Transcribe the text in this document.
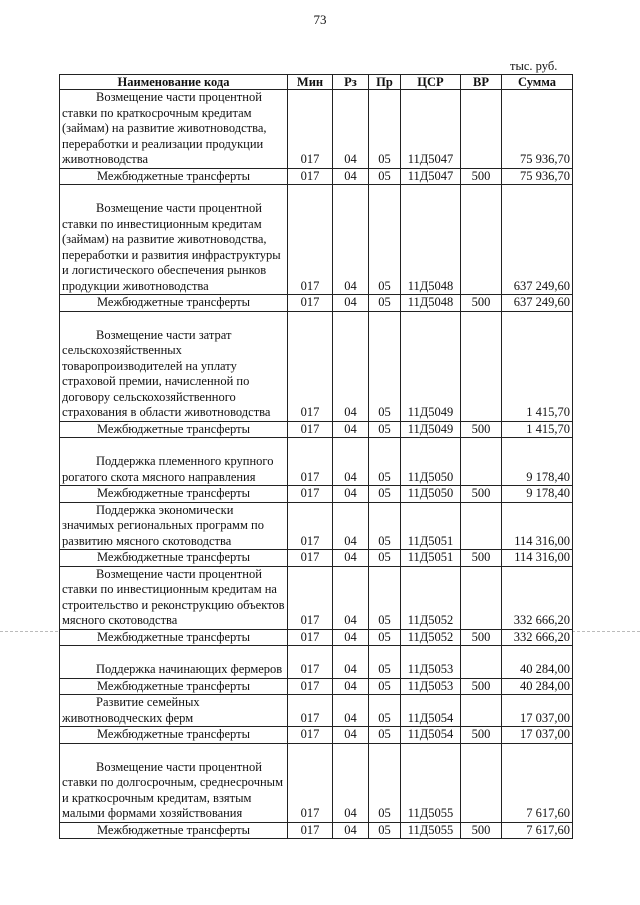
73
тыс. руб.
Наименование кода	Мин	Рз	Пр	ЦСР	ВР	Сумма
Возмещение части процентной ставки по краткосрочным кредитам (займам) на развитие животноводства, переработки и реализации продукции животноводства	017	04	05	11Д5047		75 936,70
Межбюджетные трансферты	017	04	05	11Д5047	500	75 936,70
Возмещение части процентной ставки по инвестиционным кредитам (займам) на развитие животноводства, переработки и развития инфраструктуры и логистического обеспечения рынков продукции животноводства	017	04	05	11Д5048		637 249,60
Межбюджетные трансферты	017	04	05	11Д5048	500	637 249,60
Возмещение части затрат сельскохозяйственных товаропроизводителей на уплату страховой премии, начисленной по договору сельскохозяйственного страхования в области животноводства	017	04	05	11Д5049		1 415,70
Межбюджетные трансферты	017	04	05	11Д5049	500	1 415,70
Поддержка племенного крупного рогатого скота мясного направления	017	04	05	11Д5050		9 178,40
Межбюджетные трансферты	017	04	05	11Д5050	500	9 178,40
Поддержка экономически значимых региональных программ по развитию мясного скотоводства	017	04	05	11Д5051		114 316,00
Межбюджетные трансферты	017	04	05	11Д5051	500	114 316,00
Возмещение части процентной ставки по инвестиционным кредитам на строительство и реконструкцию объектов мясного скотоводства	017	04	05	11Д5052		332 666,20
Межбюджетные трансферты	017	04	05	11Д5052	500	332 666,20
Поддержка начинающих фермеров	017	04	05	11Д5053		40 284,00
Межбюджетные трансферты	017	04	05	11Д5053	500	40 284,00
Развитие семейных животноводческих ферм	017	04	05	11Д5054		17 037,00
Межбюджетные трансферты	017	04	05	11Д5054	500	17 037,00
Возмещение части процентной ставки по долгосрочным, среднесрочным и краткосрочным кредитам, взятым малыми формами хозяйствования	017	04	05	11Д5055		7 617,60
Межбюджетные трансферты	017	04	05	11Д5055	500	7 617,60
